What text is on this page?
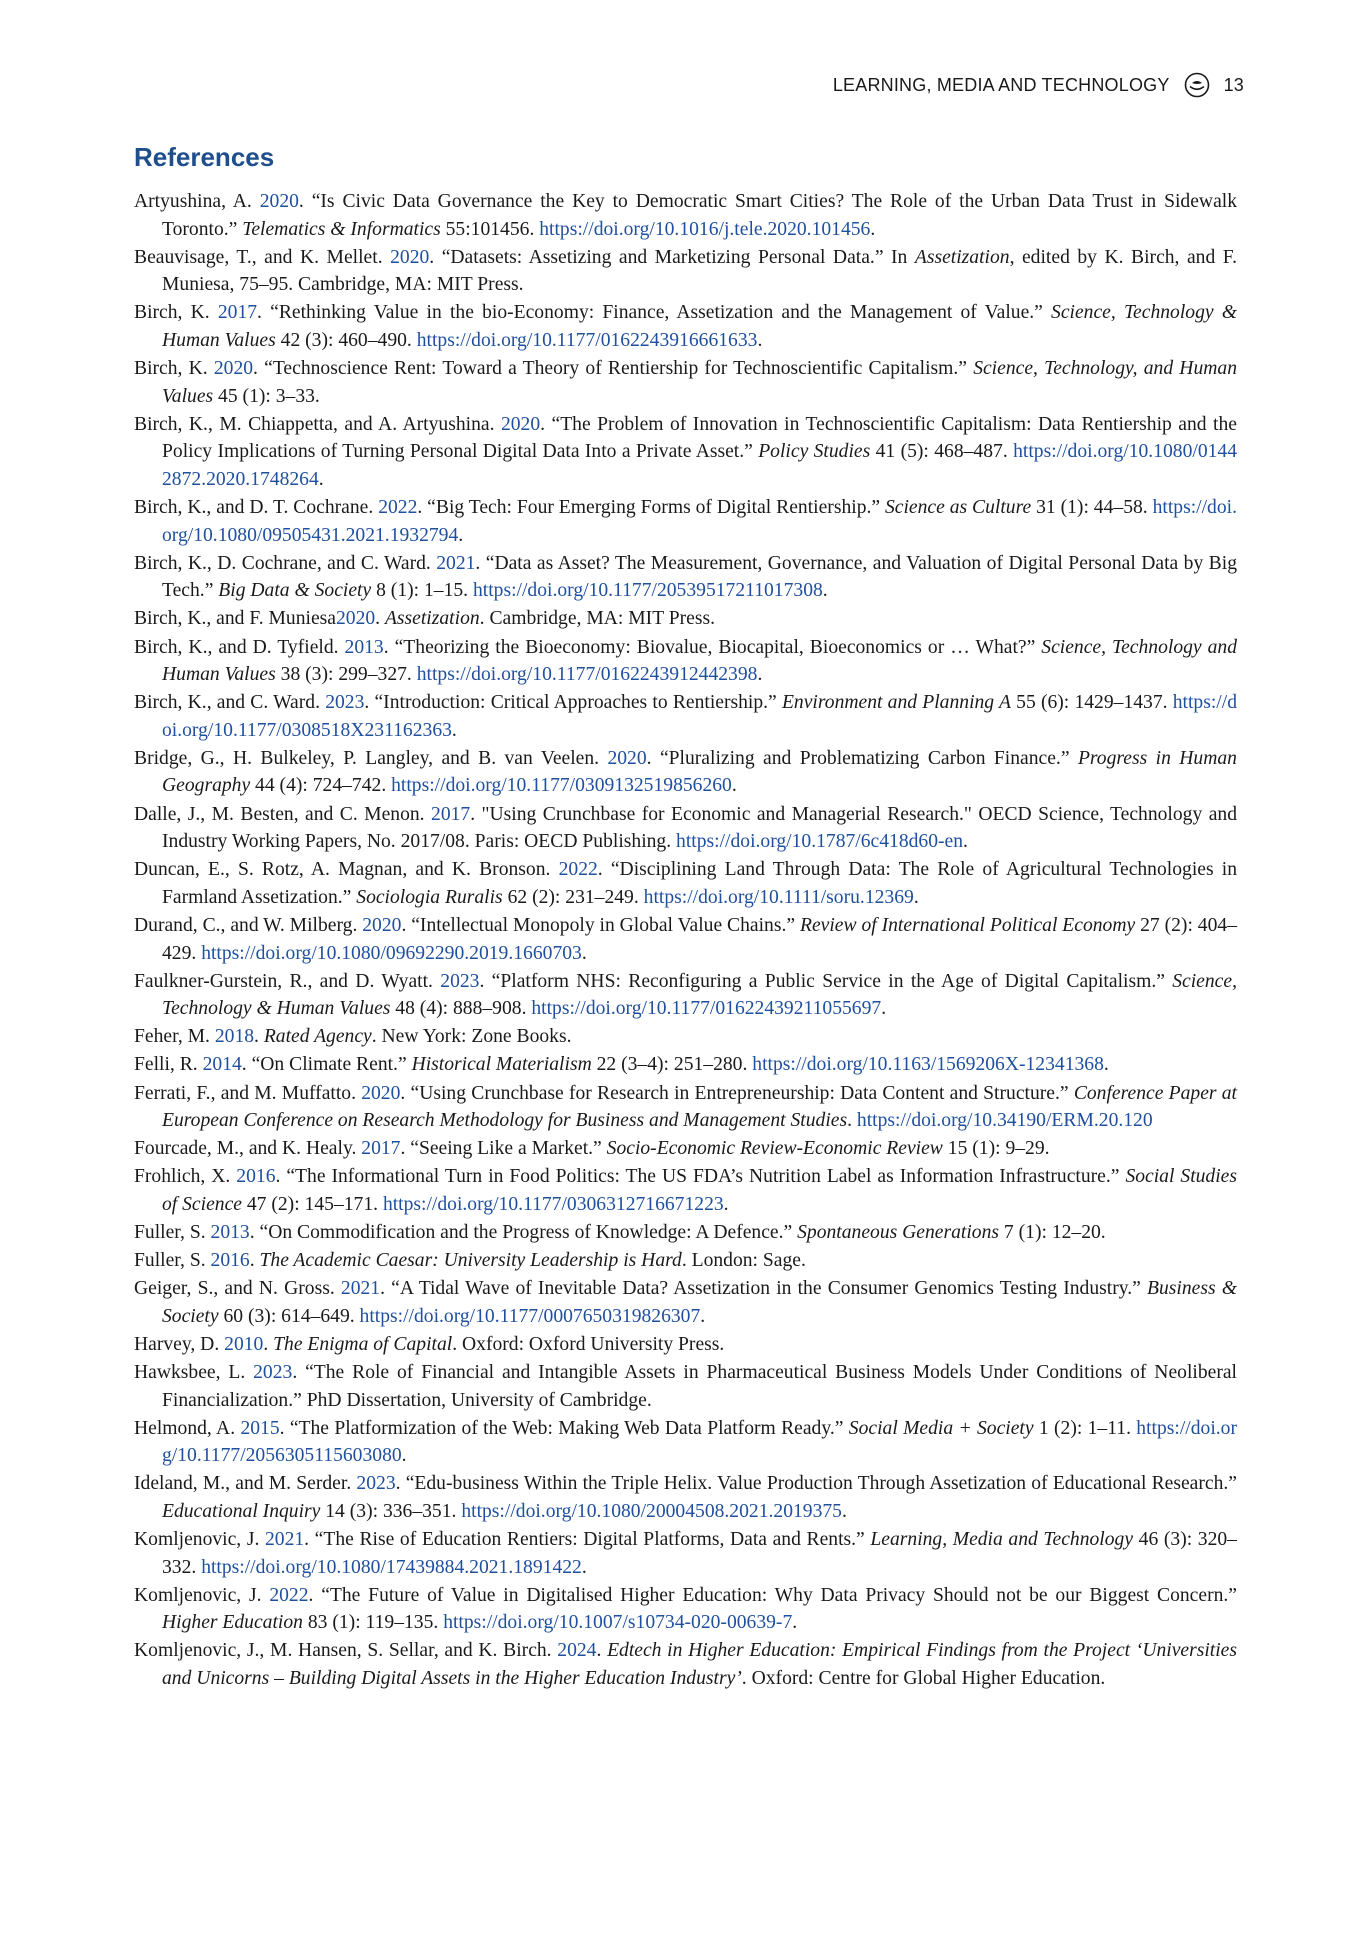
LEARNING, MEDIA AND TECHNOLOGY	13
References

Artyushina, A. 2020. “Is Civic Data Governance the Key to Democratic Smart Cities? The Role of the Urban Data Trust in Sidewalk Toronto.” Telematics & Informatics 55:101456. https://doi.org/10.1016/j.tele.2020.101456.

Beauvisage, T., and K. Mellet. 2020. “Datasets: Assetizing and Marketizing Personal Data.” In Assetization, edited by K. Birch, and F. Muniesa, 75–95. Cambridge, MA: MIT Press.

Birch, K. 2017. “Rethinking Value in the bio-Economy: Finance, Assetization and the Management of Value.” Science, Technology & Human Values 42 (3): 460–490. https://doi.org/10.1177/0162243916661633.

Birch, K. 2020. “Technoscience Rent: Toward a Theory of Rentiership for Technoscientific Capitalism.” Science, Technology, and Human Values 45 (1): 3–33.

Birch, K., M. Chiappetta, and A. Artyushina. 2020. “The Problem of Innovation in Technoscientific Capitalism: Data Rentiership and the Policy Implications of Turning Personal Digital Data Into a Private Asset.” Policy Studies 41 (5): 468–487. https://doi.org/10.1080/01442872.2020.1748264.

Birch, K., and D. T. Cochrane. 2022. “Big Tech: Four Emerging Forms of Digital Rentiership.” Science as Culture 31 (1): 44–58. https://doi.org/10.1080/09505431.2021.1932794.

Birch, K., D. Cochrane, and C. Ward. 2021. “Data as Asset? The Measurement, Governance, and Valuation of Digital Personal Data by Big Tech.” Big Data & Society 8 (1): 1–15. https://doi.org/10.1177/20539517211017308.

Birch, K., and F. Muniesa2020. Assetization. Cambridge, MA: MIT Press.

Birch, K., and D. Tyfield. 2013. “Theorizing the Bioeconomy: Biovalue, Biocapital, Bioeconomics or … What?” Science, Technology and Human Values 38 (3): 299–327. https://doi.org/10.1177/0162243912442398.

Birch, K., and C. Ward. 2023. “Introduction: Critical Approaches to Rentiership.” Environment and Planning A 55 (6): 1429–1437. https://doi.org/10.1177/0308518X231162363.

Bridge, G., H. Bulkeley, P. Langley, and B. van Veelen. 2020. “Pluralizing and Problematizing Carbon Finance.” Progress in Human Geography 44 (4): 724–742. https://doi.org/10.1177/0309132519856260.

Dalle, J., M. Besten, and C. Menon. 2017. "Using Crunchbase for Economic and Managerial Research." OECD Science, Technology and Industry Working Papers, No. 2017/08. Paris: OECD Publishing. https://doi.org/10.1787/6c418d60-en.

Duncan, E., S. Rotz, A. Magnan, and K. Bronson. 2022. “Disciplining Land Through Data: The Role of Agricultural Technologies in Farmland Assetization.” Sociologia Ruralis 62 (2): 231–249. https://doi.org/10.1111/soru.12369.

Durand, C., and W. Milberg. 2020. “Intellectual Monopoly in Global Value Chains.” Review of International Political Economy 27 (2): 404–429. https://doi.org/10.1080/09692290.2019.1660703.

Faulkner-Gurstein, R., and D. Wyatt. 2023. “Platform NHS: Reconfiguring a Public Service in the Age of Digital Capitalism.” Science, Technology & Human Values 48 (4): 888–908. https://doi.org/10.1177/01622439211055697.

Feher, M. 2018. Rated Agency. New York: Zone Books.

Felli, R. 2014. “On Climate Rent.” Historical Materialism 22 (3–4): 251–280. https://doi.org/10.1163/1569206X-12341368.

Ferrati, F., and M. Muffatto. 2020. “Using Crunchbase for Research in Entrepreneurship: Data Content and Structure.” Conference Paper at European Conference on Research Methodology for Business and Management Studies. https://doi.org/10.34190/ERM.20.120

Fourcade, M., and K. Healy. 2017. “Seeing Like a Market.” Socio-Economic Review-Economic Review 15 (1): 9–29.

Frohlich, X. 2016. “The Informational Turn in Food Politics: The US FDA’s Nutrition Label as Information Infrastructure.” Social Studies of Science 47 (2): 145–171. https://doi.org/10.1177/0306312716671223.

Fuller, S. 2013. “On Commodification and the Progress of Knowledge: A Defence.” Spontaneous Generations 7 (1): 12–20.

Fuller, S. 2016. The Academic Caesar: University Leadership is Hard. London: Sage.

Geiger, S., and N. Gross. 2021. “A Tidal Wave of Inevitable Data? Assetization in the Consumer Genomics Testing Industry.” Business & Society 60 (3): 614–649. https://doi.org/10.1177/0007650319826307.

Harvey, D. 2010. The Enigma of Capital. Oxford: Oxford University Press.

Hawksbee, L. 2023. “The Role of Financial and Intangible Assets in Pharmaceutical Business Models Under Conditions of Neoliberal Financialization.” PhD Dissertation, University of Cambridge.

Helmond, A. 2015. “The Platformization of the Web: Making Web Data Platform Ready.” Social Media + Society 1 (2): 1–11. https://doi.org/10.1177/2056305115603080.

Ideland, M., and M. Serder. 2023. “Edu-business Within the Triple Helix. Value Production Through Assetization of Educational Research.” Educational Inquiry 14 (3): 336–351. https://doi.org/10.1080/20004508.2021.2019375.

Komljenovic, J. 2021. “The Rise of Education Rentiers: Digital Platforms, Data and Rents.” Learning, Media and Technology 46 (3): 320–332. https://doi.org/10.1080/17439884.2021.1891422.

Komljenovic, J. 2022. “The Future of Value in Digitalised Higher Education: Why Data Privacy Should not be our Biggest Concern.” Higher Education 83 (1): 119–135. https://doi.org/10.1007/s10734-020-00639-7.

Komljenovic, J., M. Hansen, S. Sellar, and K. Birch. 2024. Edtech in Higher Education: Empirical Findings from the Project ‘Universities and Unicorns – Building Digital Assets in the Higher Education Industry’. Oxford: Centre for Global Higher Education.
